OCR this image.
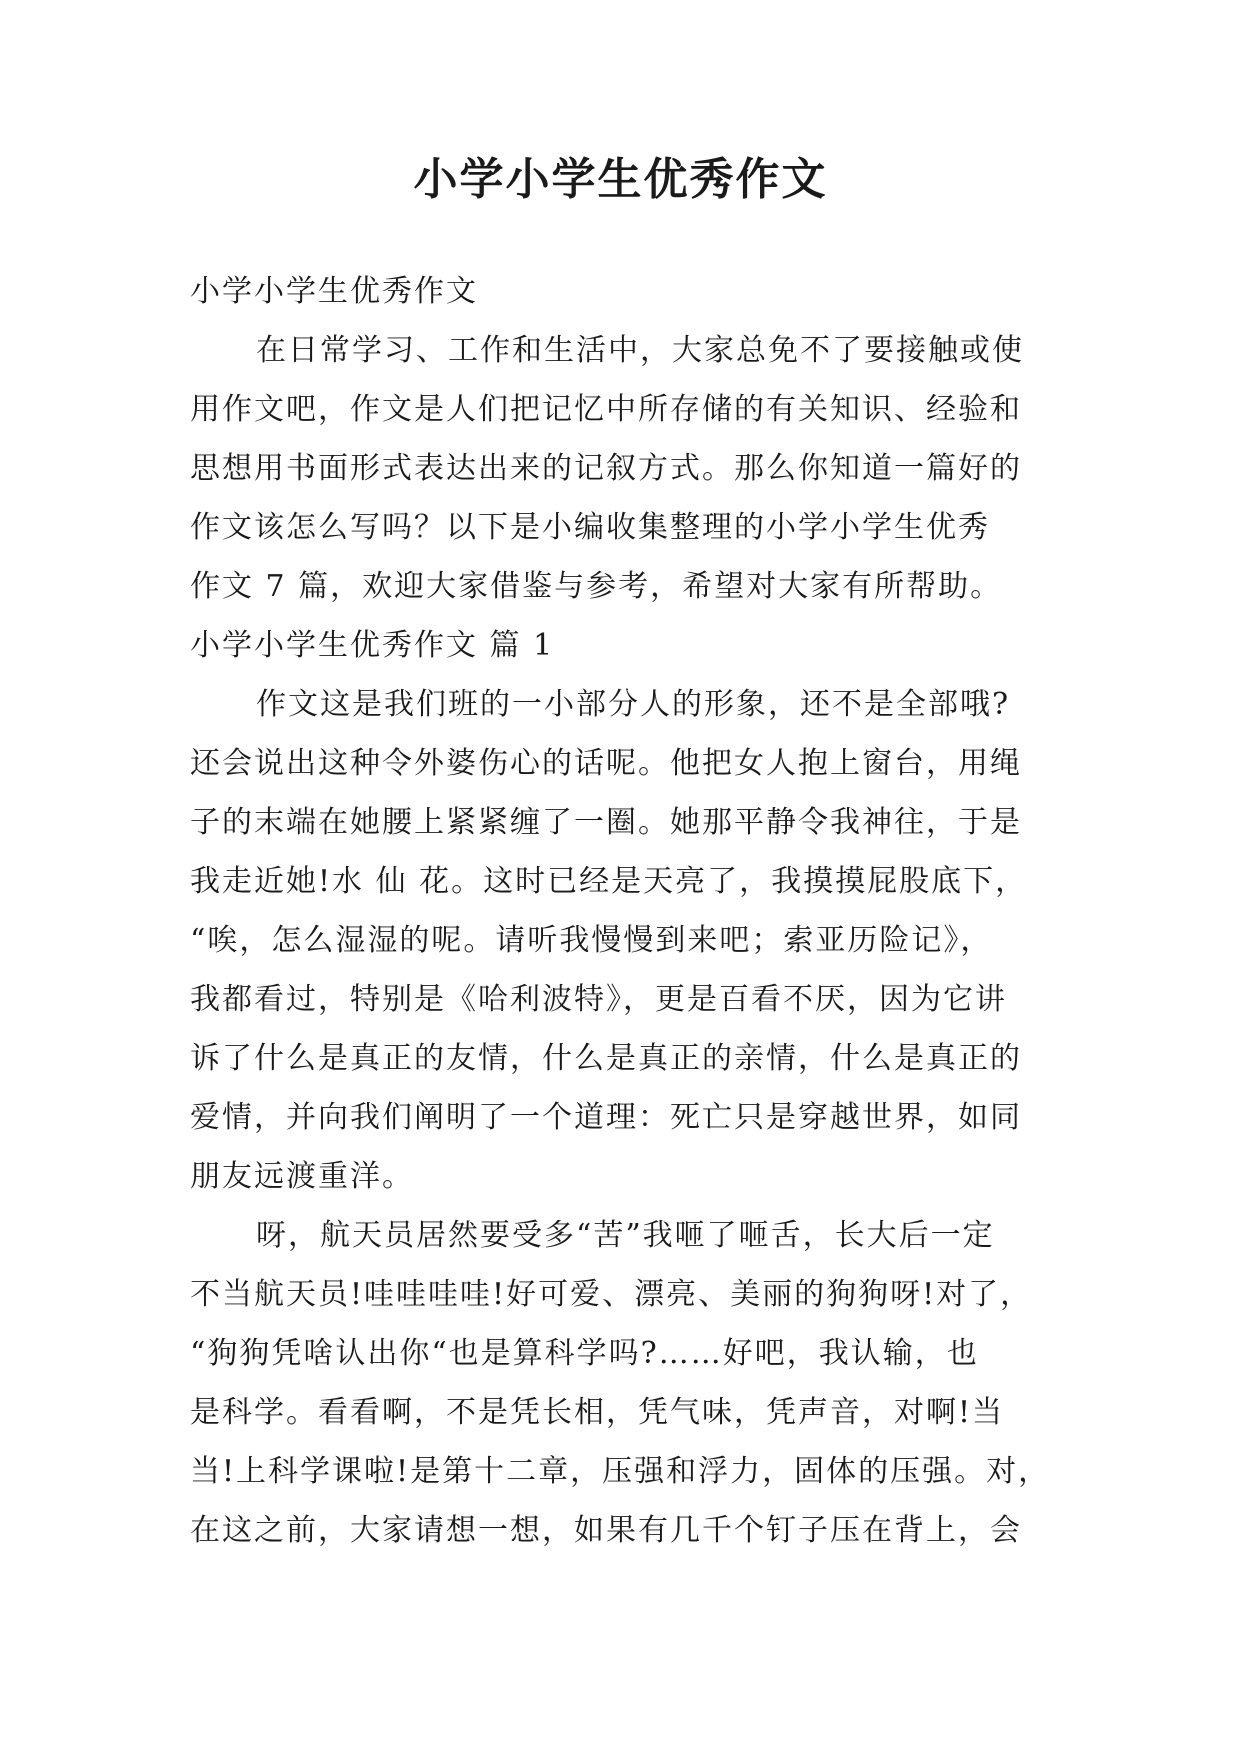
小学小学生优秀作文
小学小学生优秀作文
在日常学习、工作和生活中，大家总免不了要接触或使
用作文吧，作文是人们把记忆中所存储的有关知识、经验和
思想用书面形式表达出来的记叙方式。那么你知道一篇好的
作文该怎么写吗？以下是小编收集整理的小学小学生优秀
作文 7 篇，欢迎大家借鉴与参考，希望对大家有所帮助。
小学小学生优秀作文 篇 1
作文这是我们班的一小部分人的形象，还不是全部哦?
还会说出这种令外婆伤心的话呢。他把女人抱上窗台，用绳
子的末端在她腰上紧紧缠了一圈。她那平静令我神往，于是
我走近她!水 仙 花。这时已经是天亮了，我摸摸屁股底下，
“唉，怎么湿湿的呢。请听我慢慢到来吧；索亚历险记》，
我都看过，特别是《哈利波特》，更是百看不厌，因为它讲
诉了什么是真正的友情，什么是真正的亲情，什么是真正的
爱情，并向我们阐明了一个道理：死亡只是穿越世界，如同
朋友远渡重洋。
呀，航天员居然要受多“苦”我咂了咂舌，长大后一定
不当航天员!哇哇哇哇!好可爱、漂亮、美丽的狗狗呀!对了，
“狗狗凭啥认出你“也是算科学吗?……好吧，我认输，也
是科学。看看啊，不是凭长相，凭气味，凭声音，对啊!当
当!上科学课啦!是第十二章，压强和浮力，固体的压强。对，
在这之前，大家请想一想，如果有几千个钉子压在背上，会
